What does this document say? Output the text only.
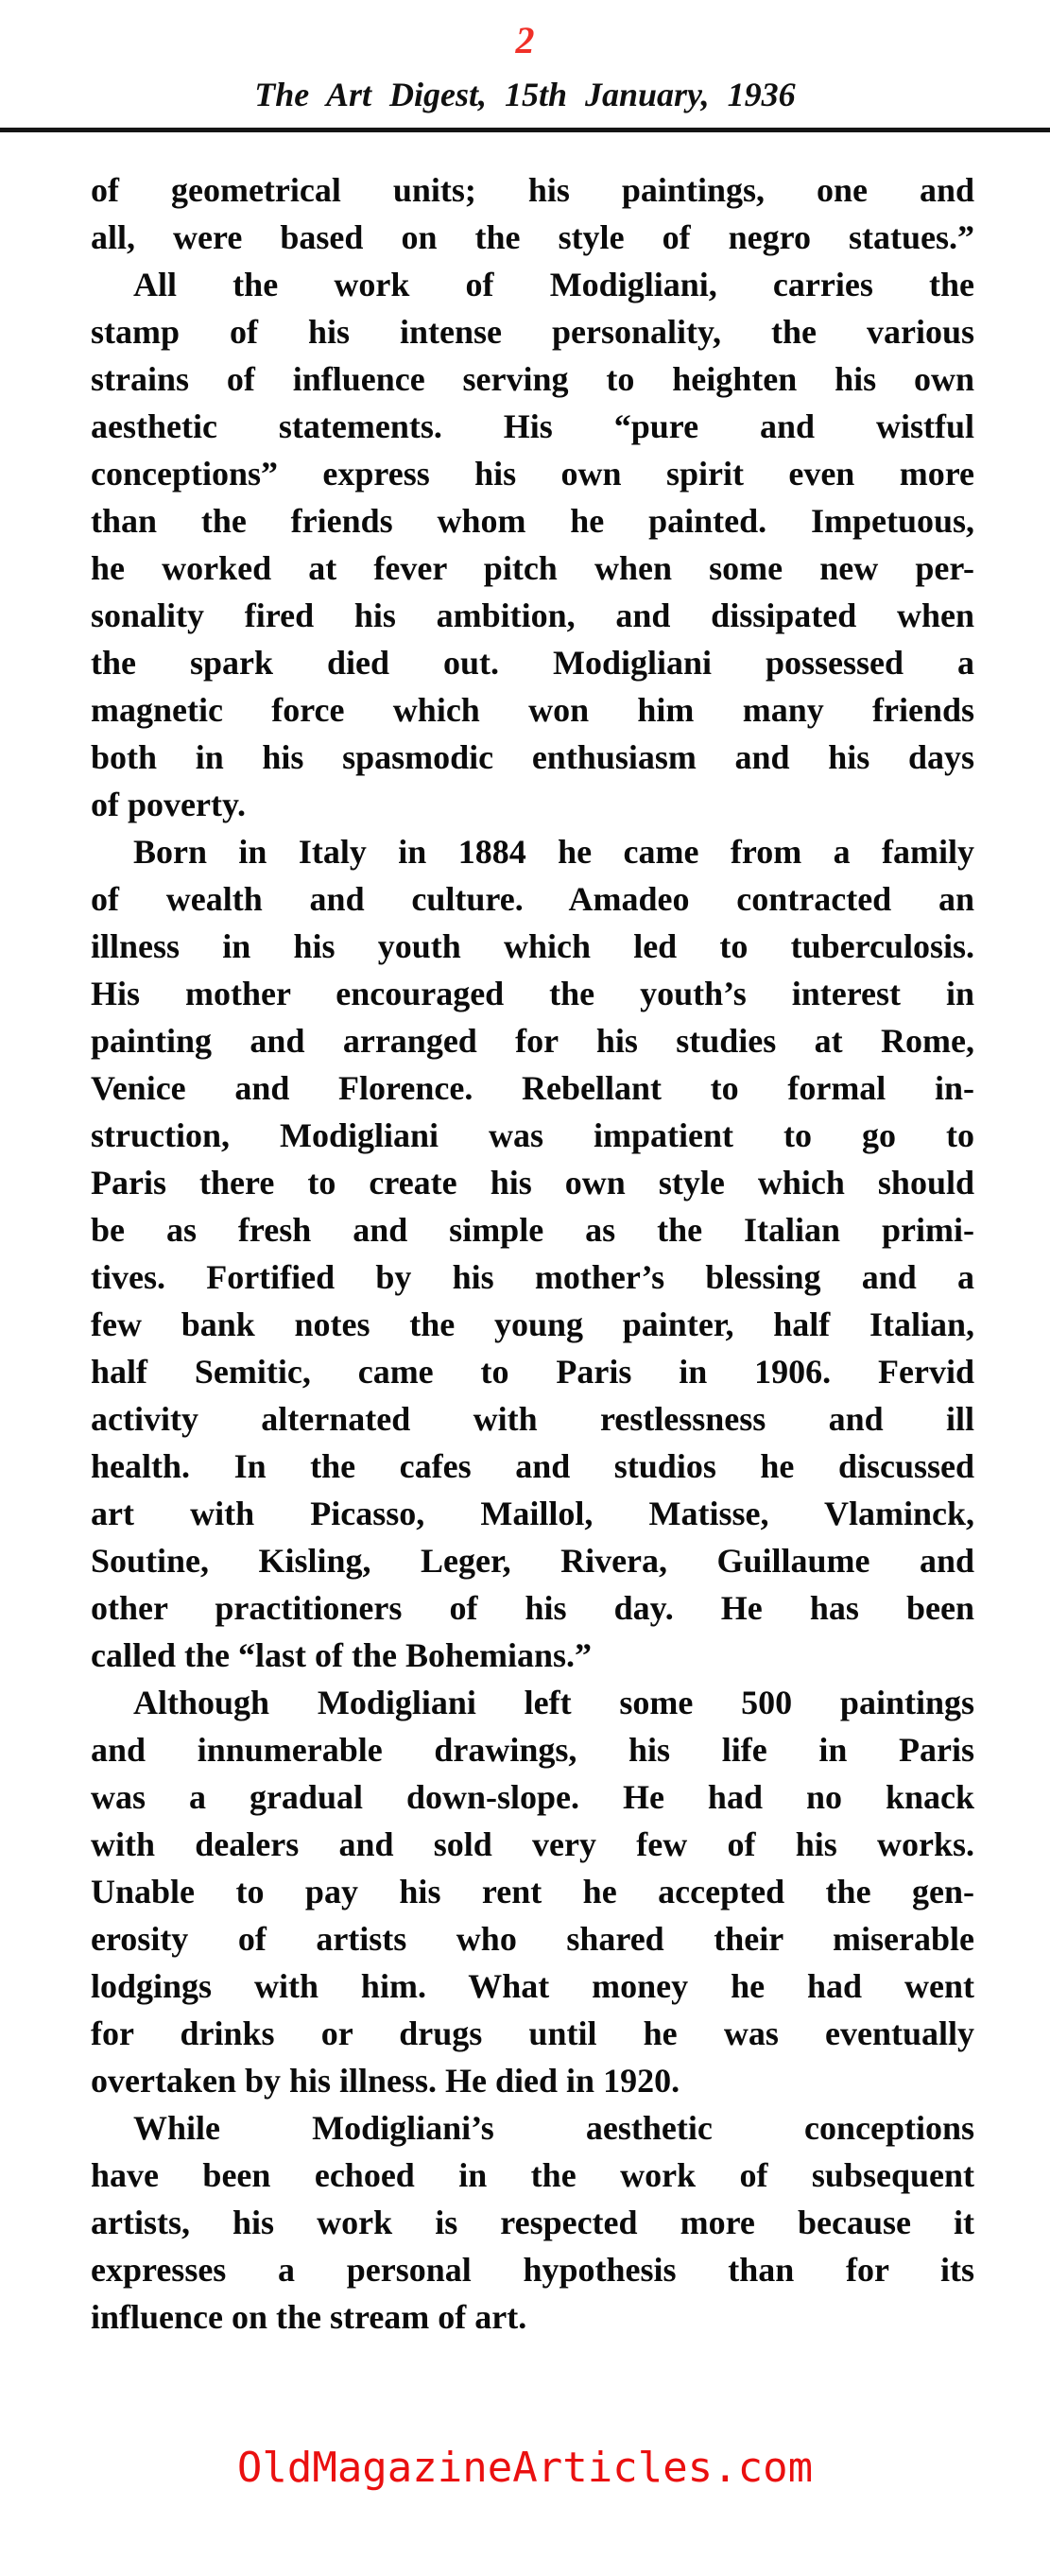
2
The Art Digest, 15th January, 1936
of geometrical units; his paintings, one and
all, were based on the style of negro statues.”
All the work of Modigliani, carries the
stamp of his intense personality, the various
strains of influence serving to heighten his own
aesthetic statements. His “pure and wistful
conceptions” express his own spirit even more
than the friends whom he painted. Impetuous,
he worked at fever pitch when some new per-
sonality fired his ambition, and dissipated when
the spark died out. Modigliani possessed a
magnetic force which won him many friends
both in his spasmodic enthusiasm and his days
of poverty.
Born in Italy in 1884 he came from a family
of wealth and culture. Amadeo contracted an
illness in his youth which led to tuberculosis.
His mother encouraged the youth’s interest in
painting and arranged for his studies at Rome,
Venice and Florence. Rebellant to formal in-
struction, Modigliani was impatient to go to
Paris there to create his own style which should
be as fresh and simple as the Italian primi-
tives. Fortified by his mother’s blessing and a
few bank notes the young painter, half Italian,
half Semitic, came to Paris in 1906. Fervid
activity alternated with restlessness and ill
health. In the cafes and studios he discussed
art with Picasso, Maillol, Matisse, Vlaminck,
Soutine, Kisling, Leger, Rivera, Guillaume and
other practitioners of his day. He has been
called the “last of the Bohemians.”
Although Modigliani left some 500 paintings
and innumerable drawings, his life in Paris
was a gradual down-slope. He had no knack
with dealers and sold very few of his works.
Unable to pay his rent he accepted the gen-
erosity of artists who shared their miserable
lodgings with him. What money he had went
for drinks or drugs until he was eventually
overtaken by his illness. He died in 1920.
While Modigliani’s aesthetic conceptions
have been echoed in the work of subsequent
artists, his work is respected more because it
expresses a personal hypothesis than for its
influence on the stream of art.
OldMagazineArticles.com
